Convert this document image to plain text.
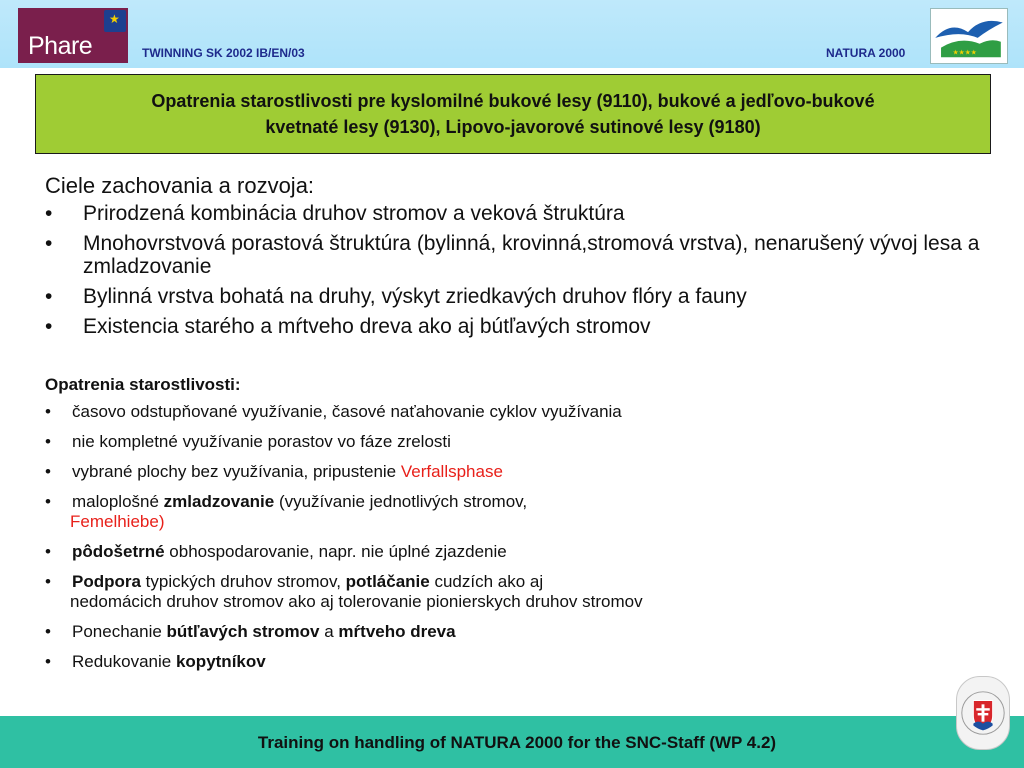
★
Phare	TWINNING SK 2002 IB/EN/03	NATURA 2000	★★★★

Opatrenia starostlivosti pre kyslomilné bukové lesy (9110), bukové a jedľovo-bukové
kvetnaté lesy (9130), Lipovo-javorové sutinové lesy (9180)

Ciele zachovania a rozvoja:
• Prirodzená kombinácia druhov stromov a veková štruktúra
• Mnohovrstvová porastová štruktúra (bylinná, krovinná,stromová vrstva), nenarušený vývoj lesa a zmladzovanie
• Bylinná vrstva bohatá na druhy, výskyt zriedkavých druhov flóry a fauny
• Existencia starého a mŕtveho dreva ako aj bútľavých stromov
Opatrenia starostlivosti:
• časovo odstupňované využívanie, časové naťahovanie cyklov využívania
• nie kompletné využívanie porastov vo fáze zrelosti
• vybrané plochy bez využívania, pripustenie Verfallsphase
• maloplošné zmladzovanie (využívanie jednotlivých stromov,
Femelhiebe)
• pôdošetrné obhospodarovanie, napr. nie úplné zjazdenie
• Podpora typických druhov stromov, potláčanie cudzích ako aj
nedomácich druhov stromov ako aj tolerovanie pionierskych druhov stromov
• Ponechanie bútľavých stromov a mŕtveho dreva
• Redukovanie kopytníkov
Training on handling of NATURA 2000 for the SNC-Staff (WP 4.2)
